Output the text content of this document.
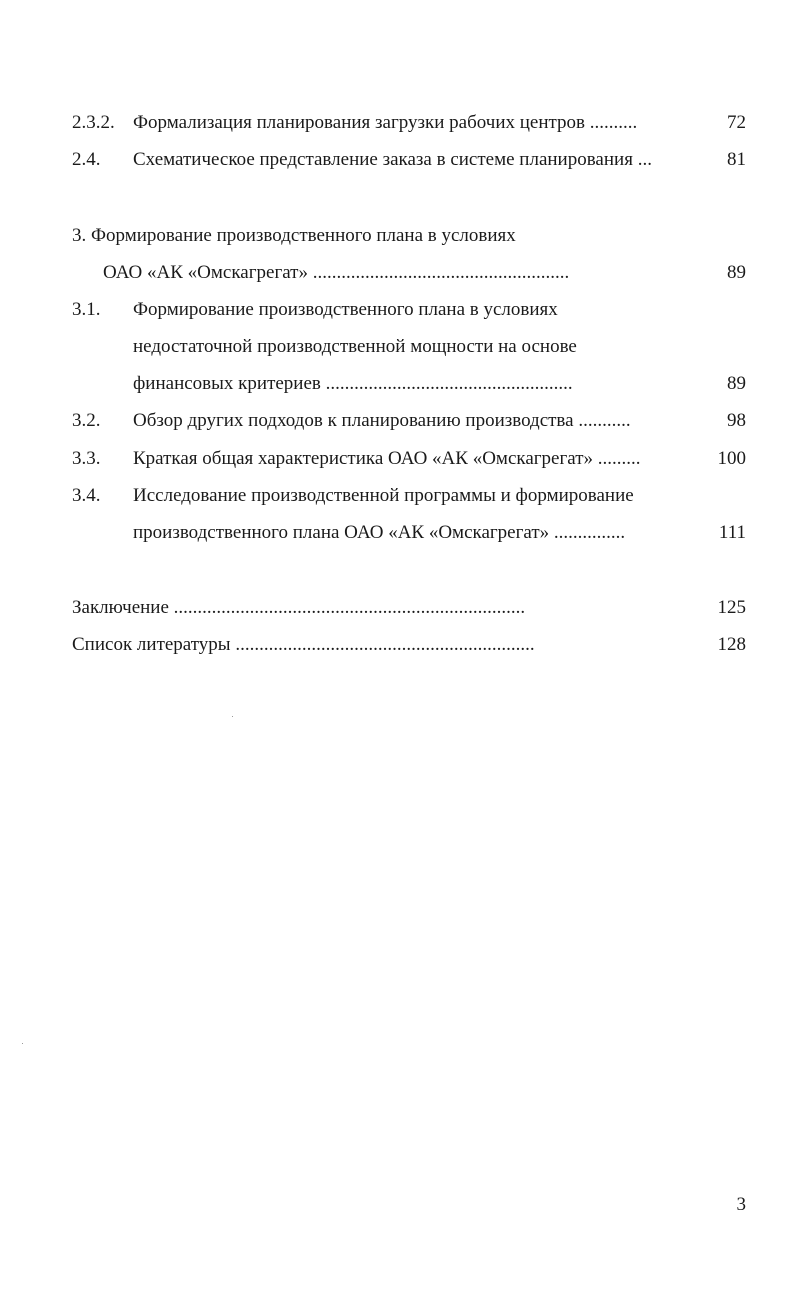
2.3.2. Формализация планирования загрузки рабочих центров ..........	72
2.4. Схематическое представление заказа в системе планирования ...	81
3. Формирование производственного плана в условиях
ОАО «АК «Омскагрегат» ......................................................	89
3.1. Формирование производственного плана в условиях
недостаточной производственной мощности на основе
финансовых критериев ....................................................	89
3.2. Обзор других подходов к планированию производства ...........	98
3.3. Краткая общая характеристика ОАО «АК «Омскагрегат» .........	100
3.4. Исследование производственной программы и формирование
производственного плана ОАО «АК «Омскагрегат» ...............	111
Заключение ..........................................................................	125
Список литературы ...............................................................	128
3
